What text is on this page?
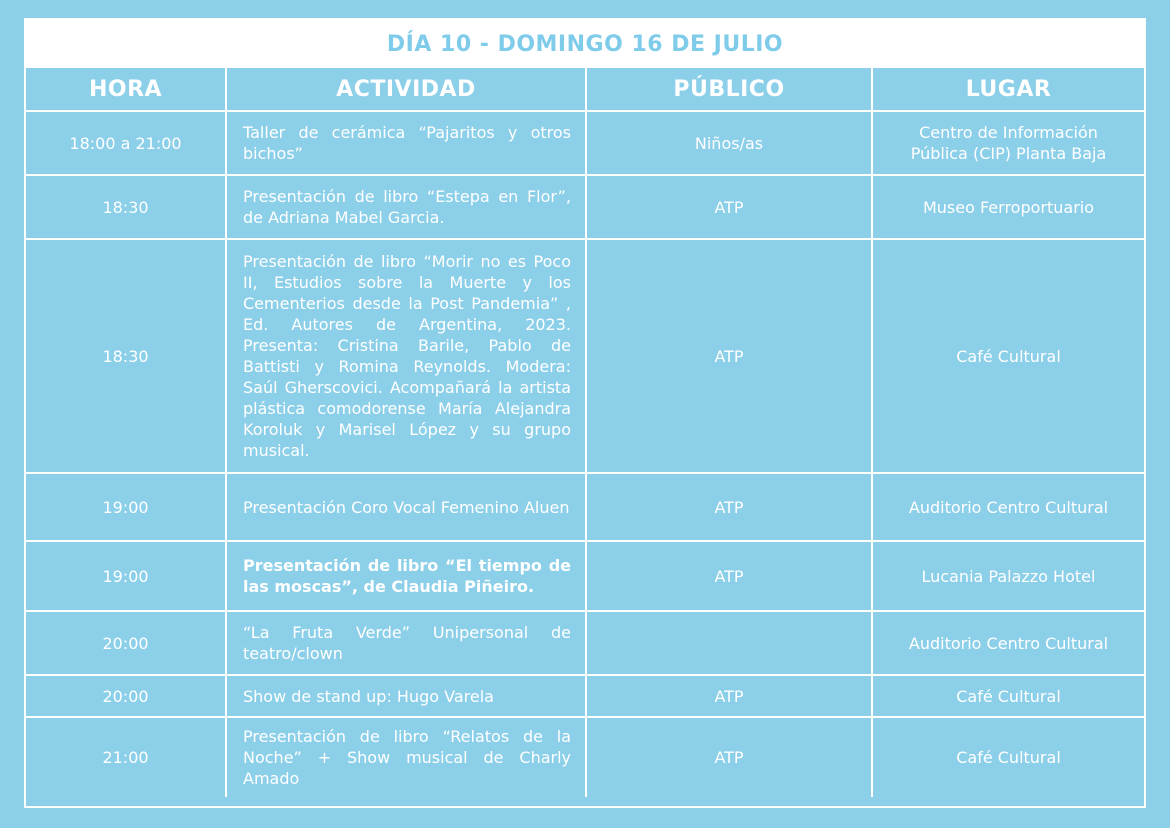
DÍA 10 - DOMINGO 16 DE JULIO
HORA	ACTIVIDAD	PÚBLICO	LUGAR
18:00 a 21:00	Taller de cerámica “Pajaritos y otros bichos”	Niños/as	Centro de Información Pública (CIP) Planta Baja
18:30	Presentación de libro “Estepa en Flor”, de Adriana Mabel Garcia.	ATP	Museo Ferroportuario
18:30	Presentación de libro “Morir no es Poco II, Estudios sobre la Muerte y los Cementerios desde la Post Pandemia” , Ed. Autores de Argentina, 2023. Presenta: Cristina Barile, Pablo de Battisti y Romina Reynolds. Modera: Saúl Gherscovici. Acompañará la artista plástica comodorense María Alejandra Koroluk y Marisel López y su grupo musical.	ATP	Café Cultural
19:00	Presentación Coro Vocal Femenino Aluen	ATP	Auditorio Centro Cultural
19:00	Presentación de libro “El tiempo de las moscas”, de Claudia Piñeiro.	ATP	Lucania Palazzo Hotel
20:00	“La Fruta Verde” Unipersonal de teatro/clown		Auditorio Centro Cultural
20:00	Show de stand up: Hugo Varela	ATP	Café Cultural
21:00	Presentación de libro “Relatos de la Noche” + Show musical de Charly Amado	ATP	Café Cultural
